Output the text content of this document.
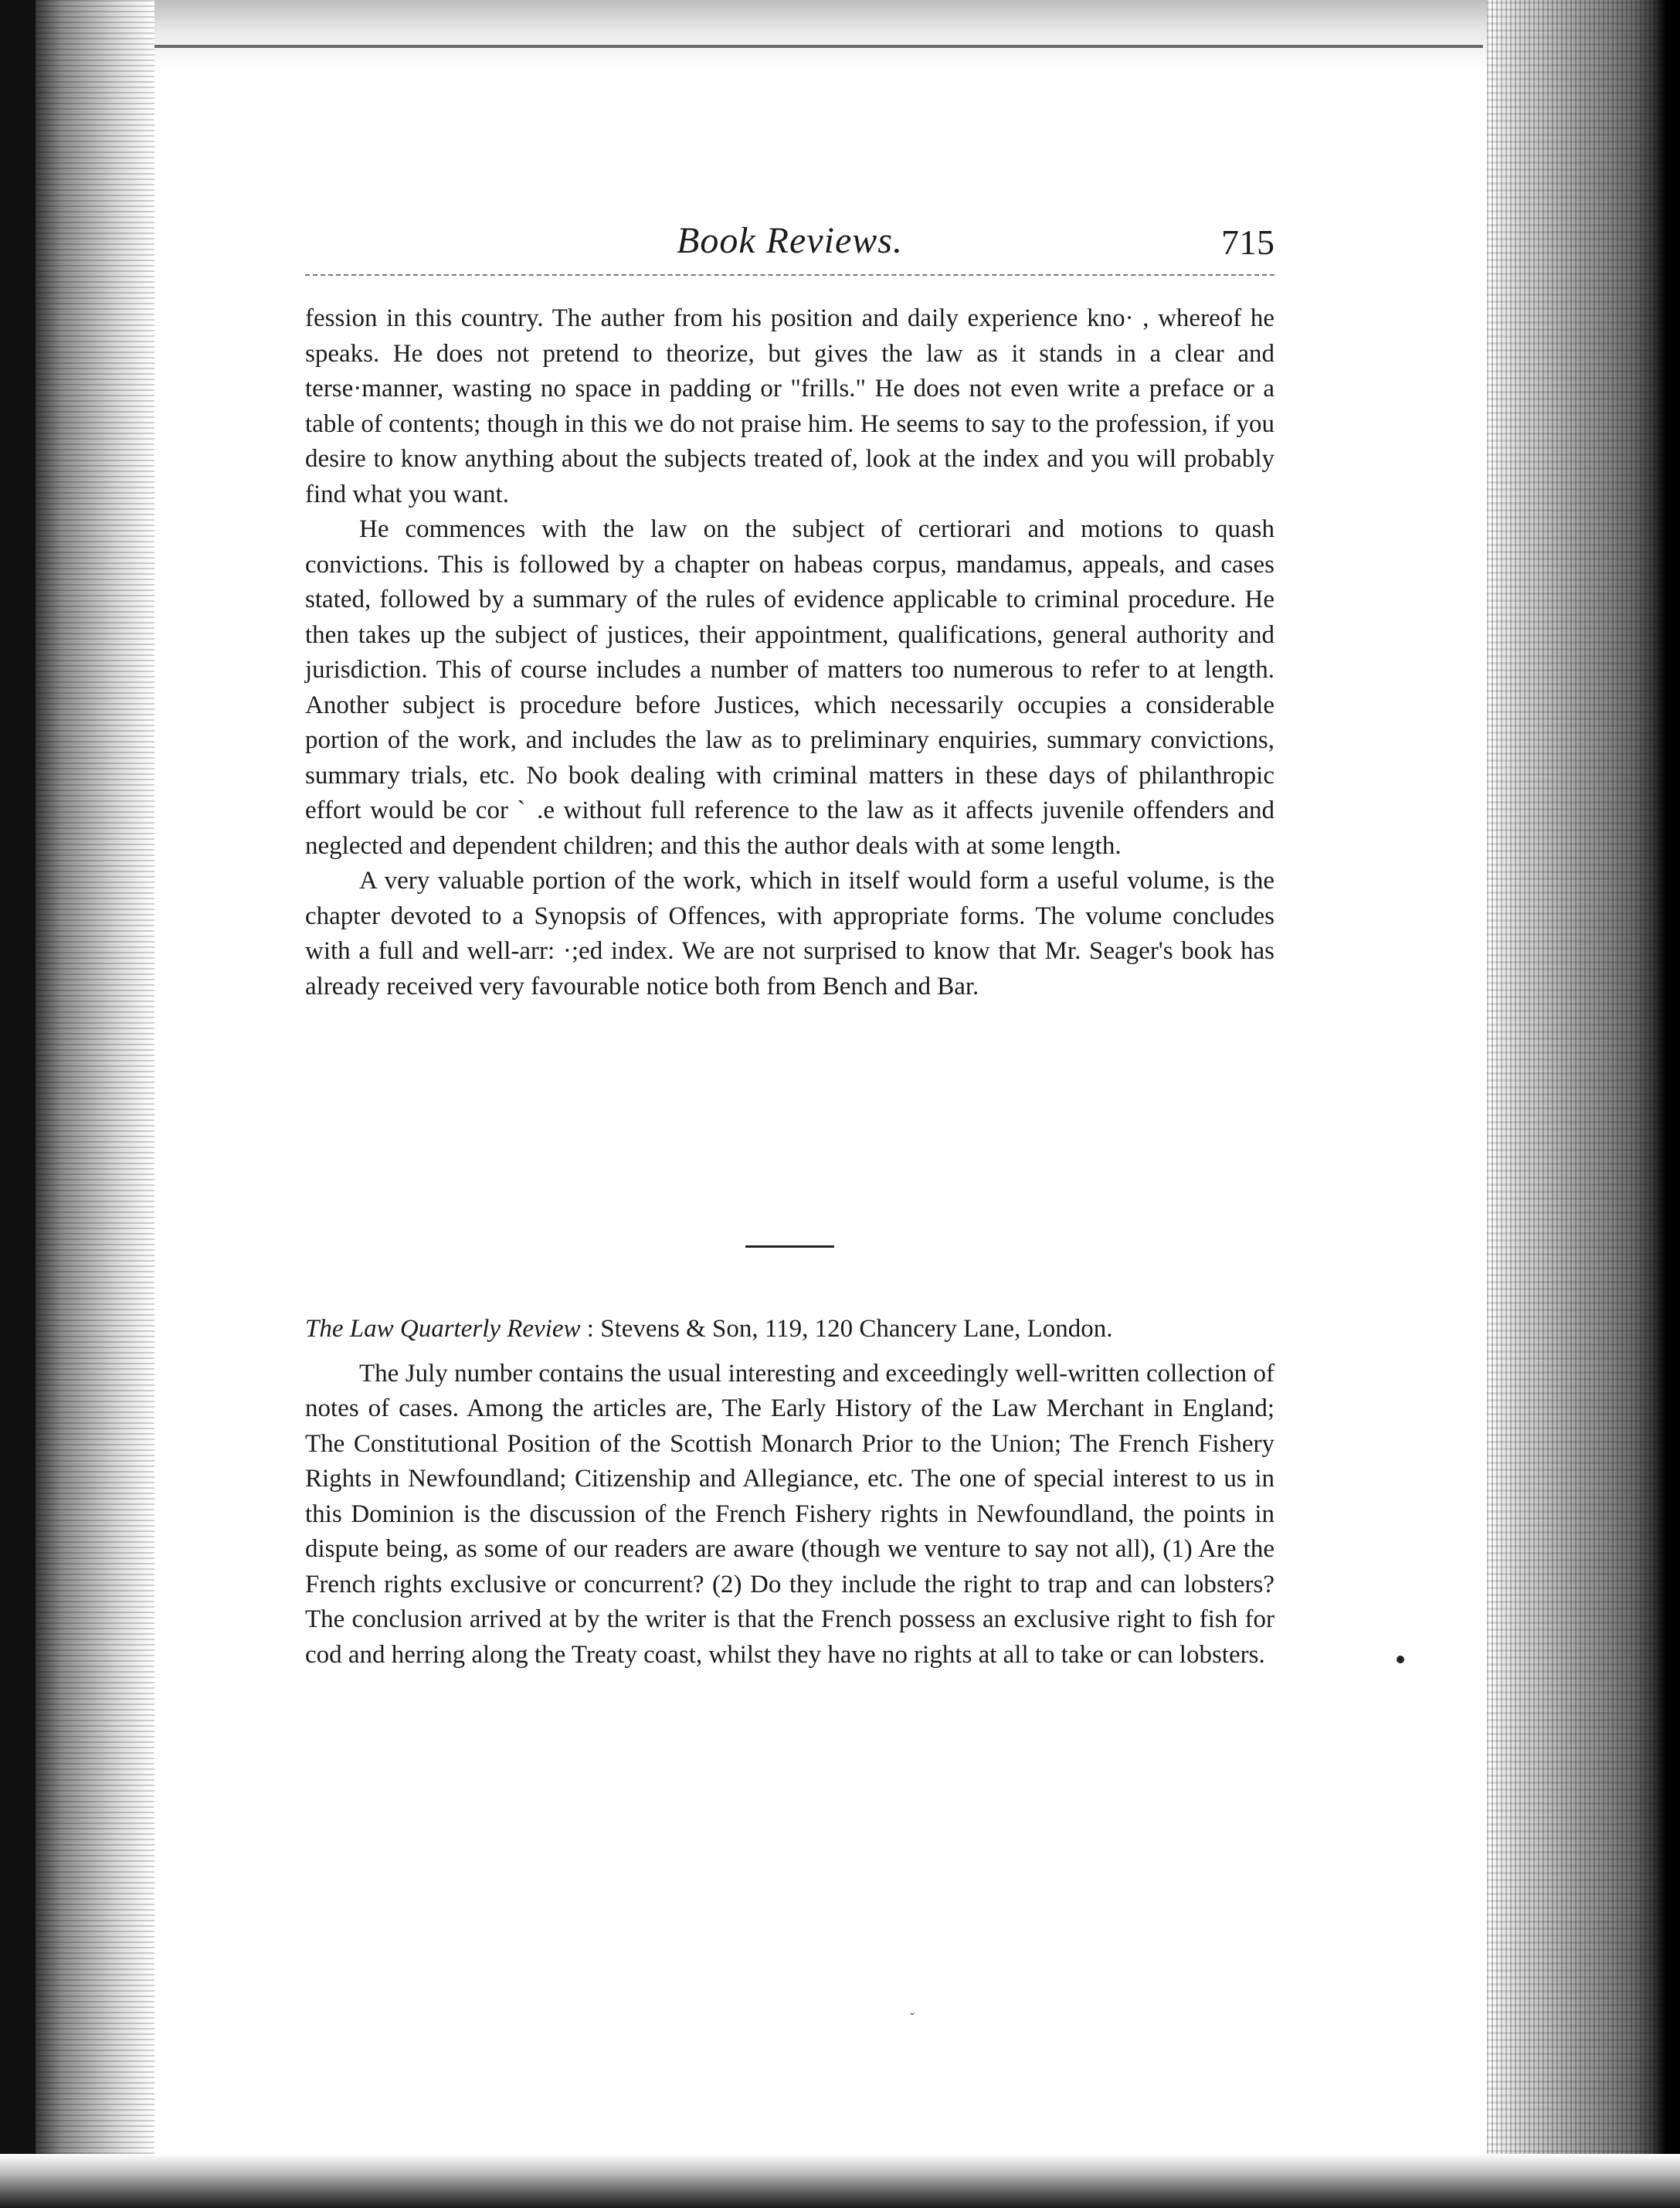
Book Reviews.	715

fession in this country. The auther from his position and daily experience kno· , whereof he speaks. He does not pretend to theorize, but gives the law as it stands in a clear and terse·manner, wasting no space in padding or "frills." He does not even write a preface or a table of contents; though in this we do not praise him. He seems to say to the profession, if you desire to know anything about the subjects treated of, look at the index and you will probably find what you want.

He commences with the law on the subject of certiorari and motions to quash convictions. This is followed by a chapter on habeas corpus, mandamus, appeals, and cases stated, followed by a summary of the rules of evidence applicable to criminal procedure. He then takes up the subject of justices, their appointment, qualifications, general authority and jurisdiction. This of course includes a number of matters too numerous to refer to at length. Another subject is procedure before Justices, which necessarily occupies a considerable portion of the work, and includes the law as to preliminary enquiries, summary convictions, summary trials, etc. No book dealing with criminal matters in these days of philanthropic effort would be cor ˋ .e without full reference to the law as it affects juvenile offenders and neglected and dependent children; and this the author deals with at some length.

A very valuable portion of the work, which in itself would form a useful volume, is the chapter devoted to a Synopsis of Offences, with appropriate forms. The volume concludes with a full and well-arr: ·;ed index. We are not surprised to know that Mr. Seager's book has already received very favourable notice both from Bench and Bar.

The Law Quarterly Review : Stevens & Son, 119, 120 Chancery Lane, London.

The July number contains the usual interesting and exceedingly well-written collection of notes of cases. Among the articles are, The Early History of the Law Merchant in England; The Constitutional Position of the Scottish Monarch Prior to the Union; The French Fishery Rights in Newfoundland; Citizenship and Allegiance, etc. The one of special interest to us in this Dominion is the discussion of the French Fishery rights in Newfoundland, the points in dispute being, as some of our readers are aware (though we venture to say not all), (1) Are the French rights exclusive or concurrent? (2) Do they include the right to trap and can lobsters? The conclusion arrived at by the writer is that the French possess an exclusive right to fish for cod and herring along the Treaty coast, whilst they have no rights at all to take or can lobsters.

ˇ
